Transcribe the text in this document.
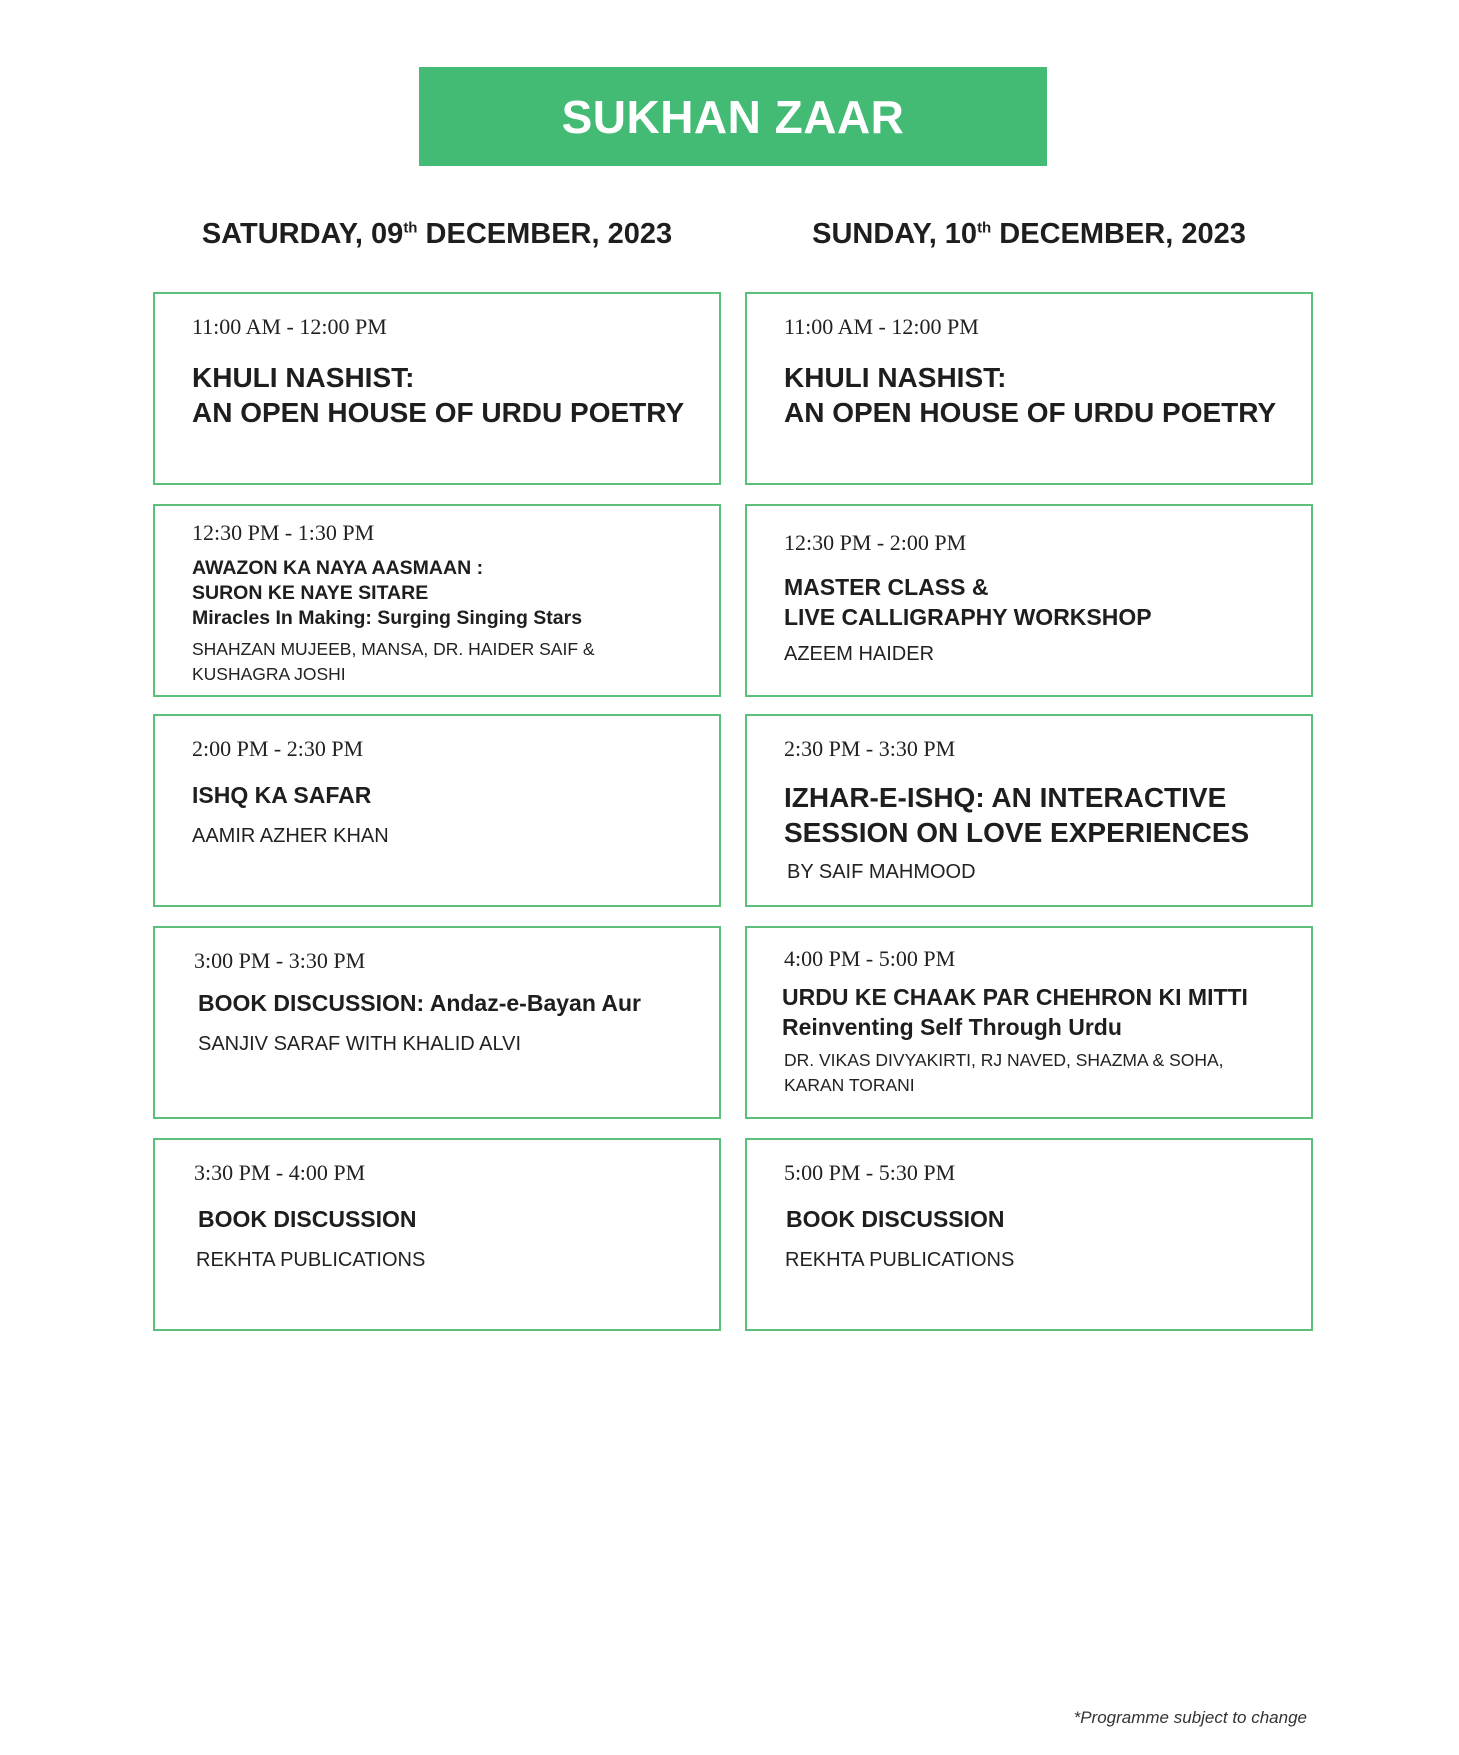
SUKHAN ZAAR
SATURDAY, 09th DECEMBER, 2023	SUNDAY, 10th DECEMBER, 2023
11:00 AM - 12:00 PM
KHULI NASHIST:
AN OPEN HOUSE OF URDU POETRY
12:30 PM - 1:30 PM
AWAZON KA NAYA AASMAAN :
SURON KE NAYE SITARE
Miracles In Making: Surging Singing Stars
SHAHZAN MUJEEB, MANSA, DR. HAIDER SAIF &
KUSHAGRA JOSHI
2:00 PM - 2:30 PM
ISHQ KA SAFAR
AAMIR AZHER KHAN
3:00 PM - 3:30 PM
BOOK DISCUSSION: Andaz-e-Bayan Aur
SANJIV SARAF WITH KHALID ALVI
3:30 PM - 4:00 PM
BOOK DISCUSSION
REKHTA PUBLICATIONS
11:00 AM - 12:00 PM
KHULI NASHIST:
AN OPEN HOUSE OF URDU POETRY
12:30 PM - 2:00 PM
MASTER CLASS &
LIVE CALLIGRAPHY WORKSHOP
AZEEM HAIDER
2:30 PM - 3:30 PM
IZHAR-E-ISHQ: AN INTERACTIVE
SESSION ON LOVE EXPERIENCES
BY SAIF MAHMOOD
4:00 PM - 5:00 PM
URDU KE CHAAK PAR CHEHRON KI MITTI
Reinventing Self Through Urdu
DR. VIKAS DIVYAKIRTI, RJ NAVED, SHAZMA & SOHA,
KARAN TORANI
5:00 PM - 5:30 PM
BOOK DISCUSSION
REKHTA PUBLICATIONS
*Programme subject to change
